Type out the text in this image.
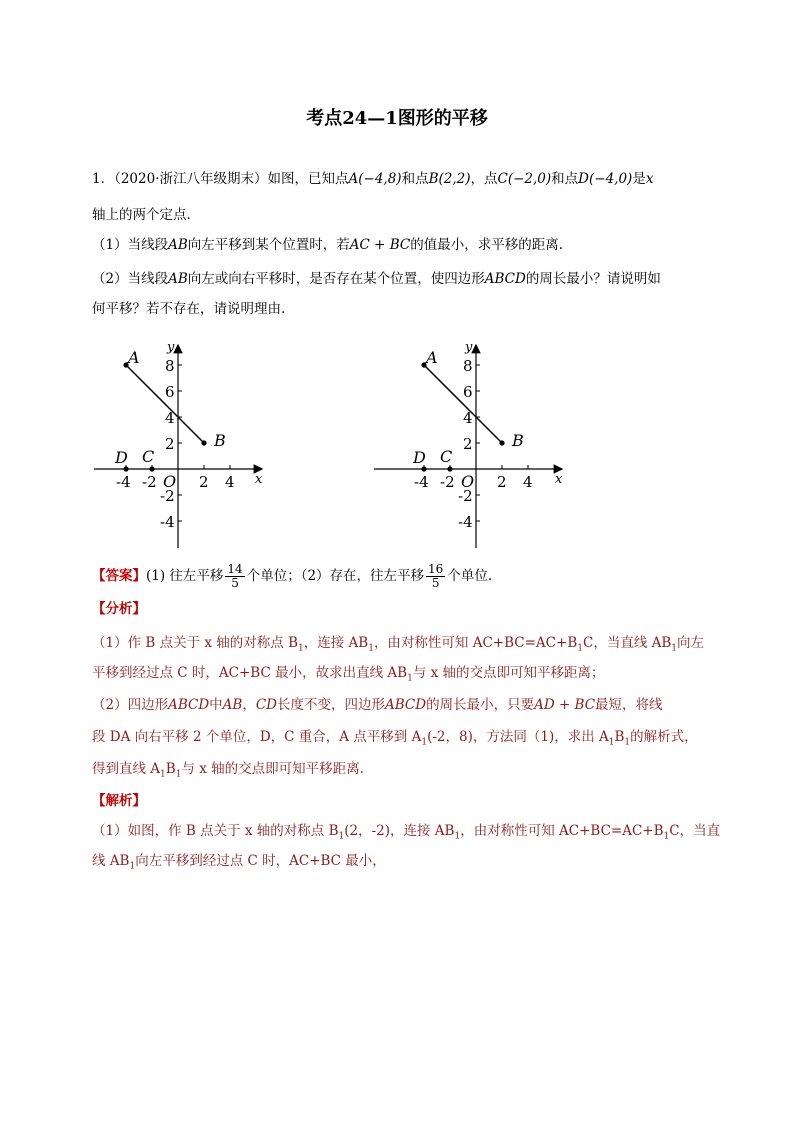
考点24—1图形的平移
1．（2020·浙江八年级期末）如图，已知点A(−4,8)和点B(2,2)，点C(−2,0)和点D(−4,0)是x
轴上的两个定点.
（1）当线段AB向左平移到某个位置时，若AC + BC的值最小，求平移的距离.
（2）当线段AB向左或向右平移时，是否存在某个位置，使四边形ABCD的周长最小？请说明如
何平移？若不存在，请说明理由.
A
B
C
D
O	x
y
-4 -2	2 4
8
6
4
2
-2
-4
A
B
C
D
O	x
y
-4 -2	2 4
8
6
4
2
-2
-4
【答案】(1) 往左平移 $\frac{14}{5}$ 个单位；（2）存在，往左平移 $\frac{16}{5}$ 个单位.
【分析】
（1）作 B 点关于 x 轴的对称点 $B_1$，连接 $AB_1$，由对称性可知 $AC+BC=AC+B_1C$，当直线 $AB_1$向左
平移到经过点 C 时，AC+BC 最小，故求出直线 $AB_1$与 x 轴的交点即可知平移距离；
（2）四边形ABCD中AB，CD长度不变，四边形ABCD的周长最小，只要AD + BC最短，将线
段 DA 向右平移 2 个单位，D，C 重合，A 点平移到 $A_1(-2$，8)，方法同（1)，求出 $A_1B_1$的解析式，
得到直线 $A_1B_1$与 x 轴的交点即可知平移距离.
【解析】
（1）如图，作 B 点关于 x 轴的对称点 $B_1(2$，-2)，连接 $AB_1$，由对称性可知 $AC+BC=AC+B_1C$，当直
线 $AB_1$向左平移到经过点 C 时，AC+BC 最小，
